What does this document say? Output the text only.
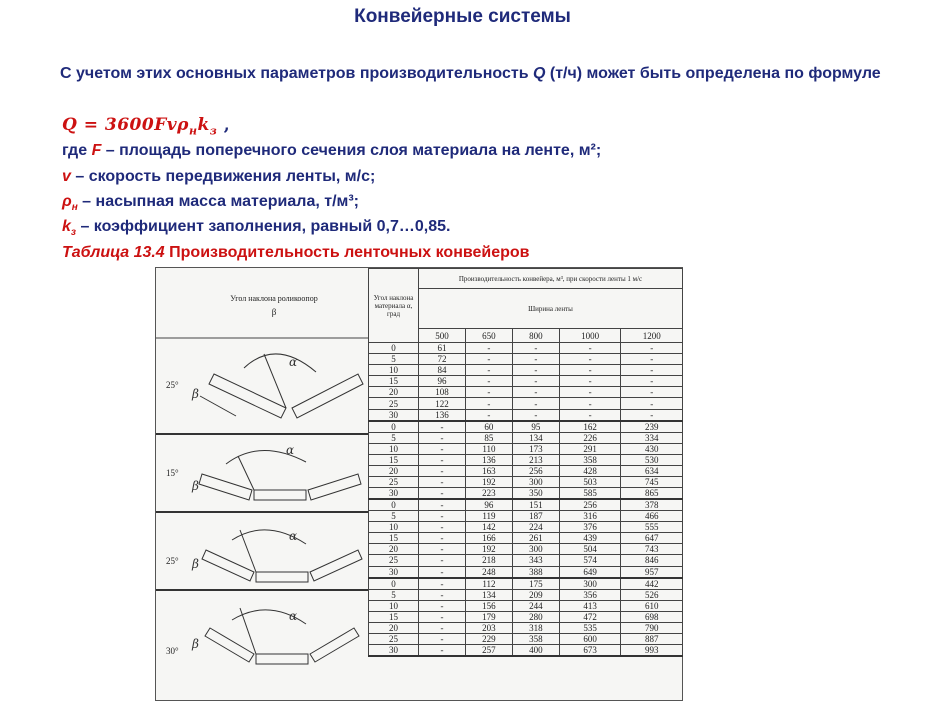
Конвейерные системы
С учетом этих основных параметров производительность Q (т/ч) может быть определена по формуле
$Q = 3600Fv\rho_нk_з$ ,
где F – площадь поперечного сечения слоя материала на ленте, м²;
v – скорость передвижения ленты, м/с;
$\rho_н$ – насыпная масса материала, т/м³;
$k_з$ – коэффициент заполнения, равный 0,7…0,85.
Таблица 13.4 Производительность ленточных конвейеров
α
β
α
β
α
β
α
β
Угол наклона роликоопор
β
25°
15°
25°
30°
Угол наклона материала α, град	Производительность конвейера, м³, при скорости ленты 1 м/с				
	Ширина ленты				
	500	650	800	1000	1200
0	61	-	-	-	-
5	72	-	-	-	-
10	84	-	-	-	-
15	96	-	-	-	-
20	108	-	-	-	-
25	122	-	-	-	-
30	136	-	-	-	-
0	-	60	95	162	239
5	-	85	134	226	334
10	-	110	173	291	430
15	-	136	213	358	530
20	-	163	256	428	634
25	-	192	300	503	745
30	-	223	350	585	865
0	-	96	151	256	378
5	-	119	187	316	466
10	-	142	224	376	555
15	-	166	261	439	647
20	-	192	300	504	743
25	-	218	343	574	846
30	-	248	388	649	957
0	-	112	175	300	442
5	-	134	209	356	526
10	-	156	244	413	610
15	-	179	280	472	698
20	-	203	318	535	790
25	-	229	358	600	887
30	-	257	400	673	993
